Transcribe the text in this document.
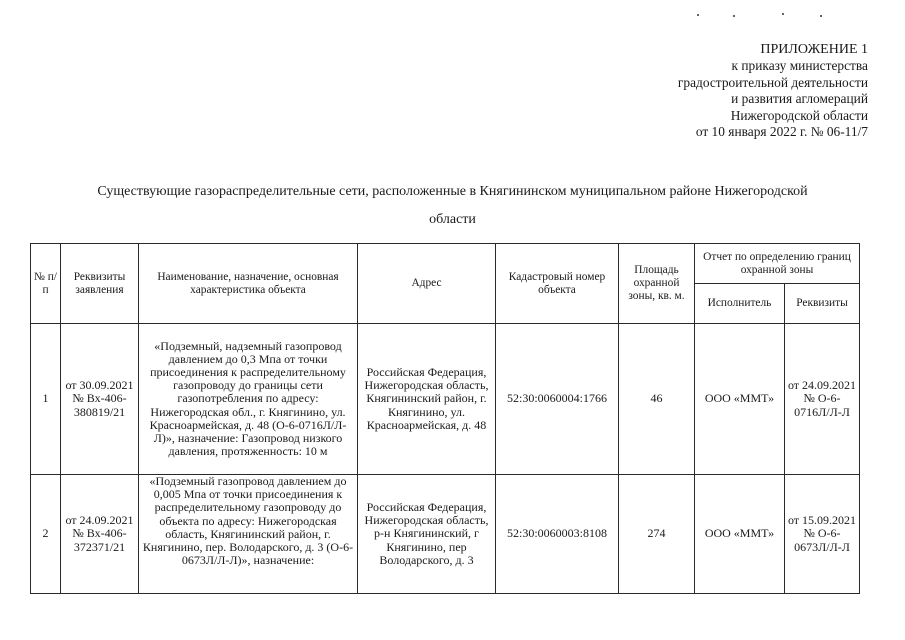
ПРИЛОЖЕНИЕ 1
к приказу министерства
градостроительной деятельности
и развития агломераций
Нижегородской области
от 10 января 2022 г. № 06-11/7
Существующие газораспределительные сети, расположенные в Княгининском муниципальном районе Нижегородской
области
№ п/п	Реквизиты заявления	Наименование, назначение, основная характеристика объекта	Адрес	Кадастровый номер объекта	Площадь охранной зоны, кв. м.	Отчет по определению границ охранной зоны	
						Исполнитель	Реквизиты
1	от 30.09.2021 № Вх-406-380819/21	«Подземный, надземный газопровод давлением до 0,3 Мпа от точки присоединения к распределительному газопроводу до границы сети газопотребления по адресу: Нижегородская обл., г. Княгинино, ул. Красноармейская, д. 48 (О-6-0716Л/Л-Л)», назначение: Газопровод низкого давления, протяженность: 10 м	Российская Федерация, Нижегородская область, Княгининский район, г. Княгинино, ул. Красноармейская, д. 48	52:30:0060004:1766	46	ООО «ММТ»	от 24.09.2021 № О-6-0716Л/Л-Л
2	от 24.09.2021 № Вх-406-372371/21	«Подземный газопровод давлением до 0,005 Мпа от точки присоединения к распределительному газопроводу до объекта по адресу: Нижегородская область, Княгининский район, г. Княгинино, пер. Володарского, д. 3 (О-6-0673Л/Л-Л)», назначение:	Российская Федерация, Нижегородская область, р-н Княгининский, г Княгинино, пер Володарского, д. 3	52:30:0060003:8108	274	ООО «ММТ»	от 15.09.2021 № О-6-0673Л/Л-Л
